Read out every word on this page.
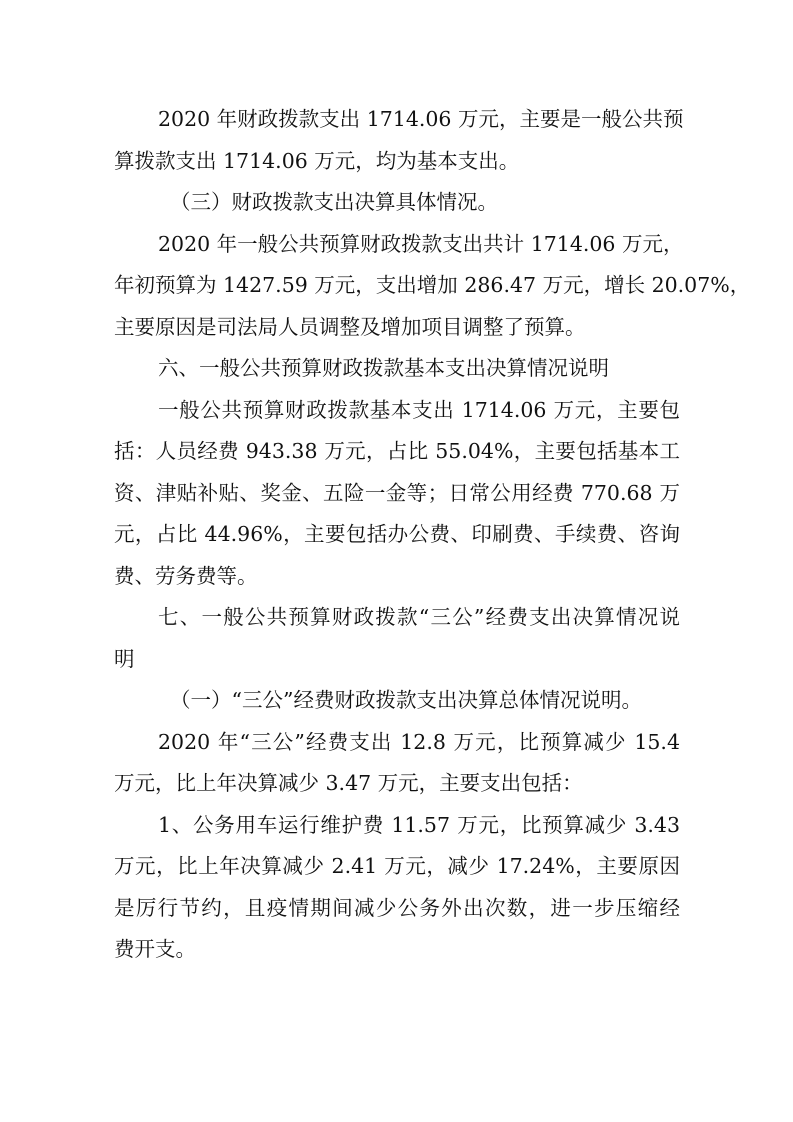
2020 年财政拨款支出 1714.06 万元，主要是一般公共预
算拨款支出 1714.06 万元，均为基本支出。
（三）财政拨款支出决算具体情况。
2020 年一般公共预算财政拨款支出共计 1714.06 万元，
年初预算为 1427.59 万元，支出增加 286.47 万元，增长 20.07%，
主要原因是司法局人员调整及增加项目调整了预算。
六、一般公共预算财政拨款基本支出决算情况说明
一般公共预算财政拨款基本支出 1714.06 万元，主要包
括：人员经费 943.38 万元，占比 55.04%，主要包括基本工
资、津贴补贴、奖金、五险一金等；日常公用经费 770.68 万
元，占比 44.96%，主要包括办公费、印刷费、手续费、咨询
费、劳务费等。
七、一般公共预算财政拨款“三公”经费支出决算情况说
明
（一）“三公”经费财政拨款支出决算总体情况说明。
2020 年“三公”经费支出 12.8 万元，比预算减少 15.4
万元，比上年决算减少 3.47 万元，主要支出包括：
1、公务用车运行维护费 11.57 万元，比预算减少 3.43
万元，比上年决算减少 2.41 万元，减少 17.24%，主要原因
是厉行节约，且疫情期间减少公务外出次数，进一步压缩经
费开支。
